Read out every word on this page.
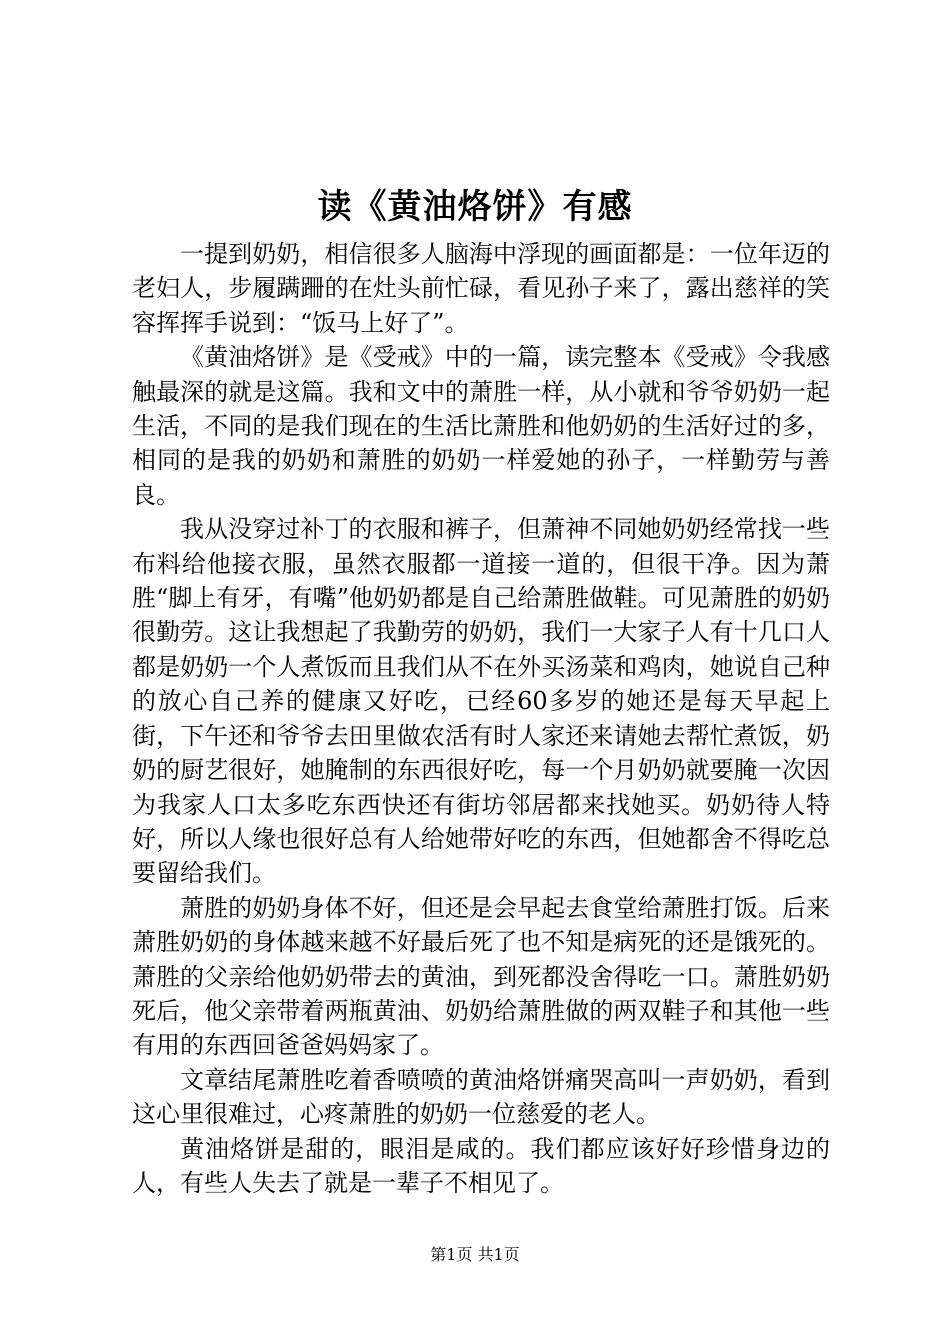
读《黄油烙饼》有感

一提到奶奶，相信很多人脑海中浮现的画面都是：一位年迈的老妇人，步履蹒跚的在灶头前忙碌，看见孙子来了，露出慈祥的笑容挥挥手说到：“饭马上好了”。

《黄油烙饼》是《受戒》中的一篇，读完整本《受戒》令我感触最深的就是这篇。我和文中的萧胜一样，从小就和爷爷奶奶一起生活，不同的是我们现在的生活比萧胜和他奶奶的生活好过的多，相同的是我的奶奶和萧胜的奶奶一样爱她的孙子，一样勤劳与善良。

我从没穿过补丁的衣服和裤子，但萧神不同她奶奶经常找一些布料给他接衣服，虽然衣服都一道接一道的，但很干净。因为萧胜“脚上有牙，有嘴”他奶奶都是自己给萧胜做鞋。可见萧胜的奶奶很勤劳。这让我想起了我勤劳的奶奶，我们一大家子人有十几口人都是奶奶一个人煮饭而且我们从不在外买汤菜和鸡肉，她说自己种的放心自己养的健康又好吃，已经60多岁的她还是每天早起上街，下午还和爷爷去田里做农活有时人家还来请她去帮忙煮饭，奶奶的厨艺很好，她腌制的东西很好吃，每一个月奶奶就要腌一次因为我家人口太多吃东西快还有街坊邻居都来找她买。奶奶待人特好，所以人缘也很好总有人给她带好吃的东西，但她都舍不得吃总要留给我们。

萧胜的奶奶身体不好，但还是会早起去食堂给萧胜打饭。后来萧胜奶奶的身体越来越不好最后死了也不知是病死的还是饿死的。萧胜的父亲给他奶奶带去的黄油，到死都没舍得吃一口。萧胜奶奶死后，他父亲带着两瓶黄油、奶奶给萧胜做的两双鞋子和其他一些有用的东西回爸爸妈妈家了。

文章结尾萧胜吃着香喷喷的黄油烙饼痛哭高叫一声奶奶，看到这心里很难过，心疼萧胜的奶奶一位慈爱的老人。

黄油烙饼是甜的，眼泪是咸的。我们都应该好好珍惜身边的人，有些人失去了就是一辈子不相见了。

第1页 共1页
